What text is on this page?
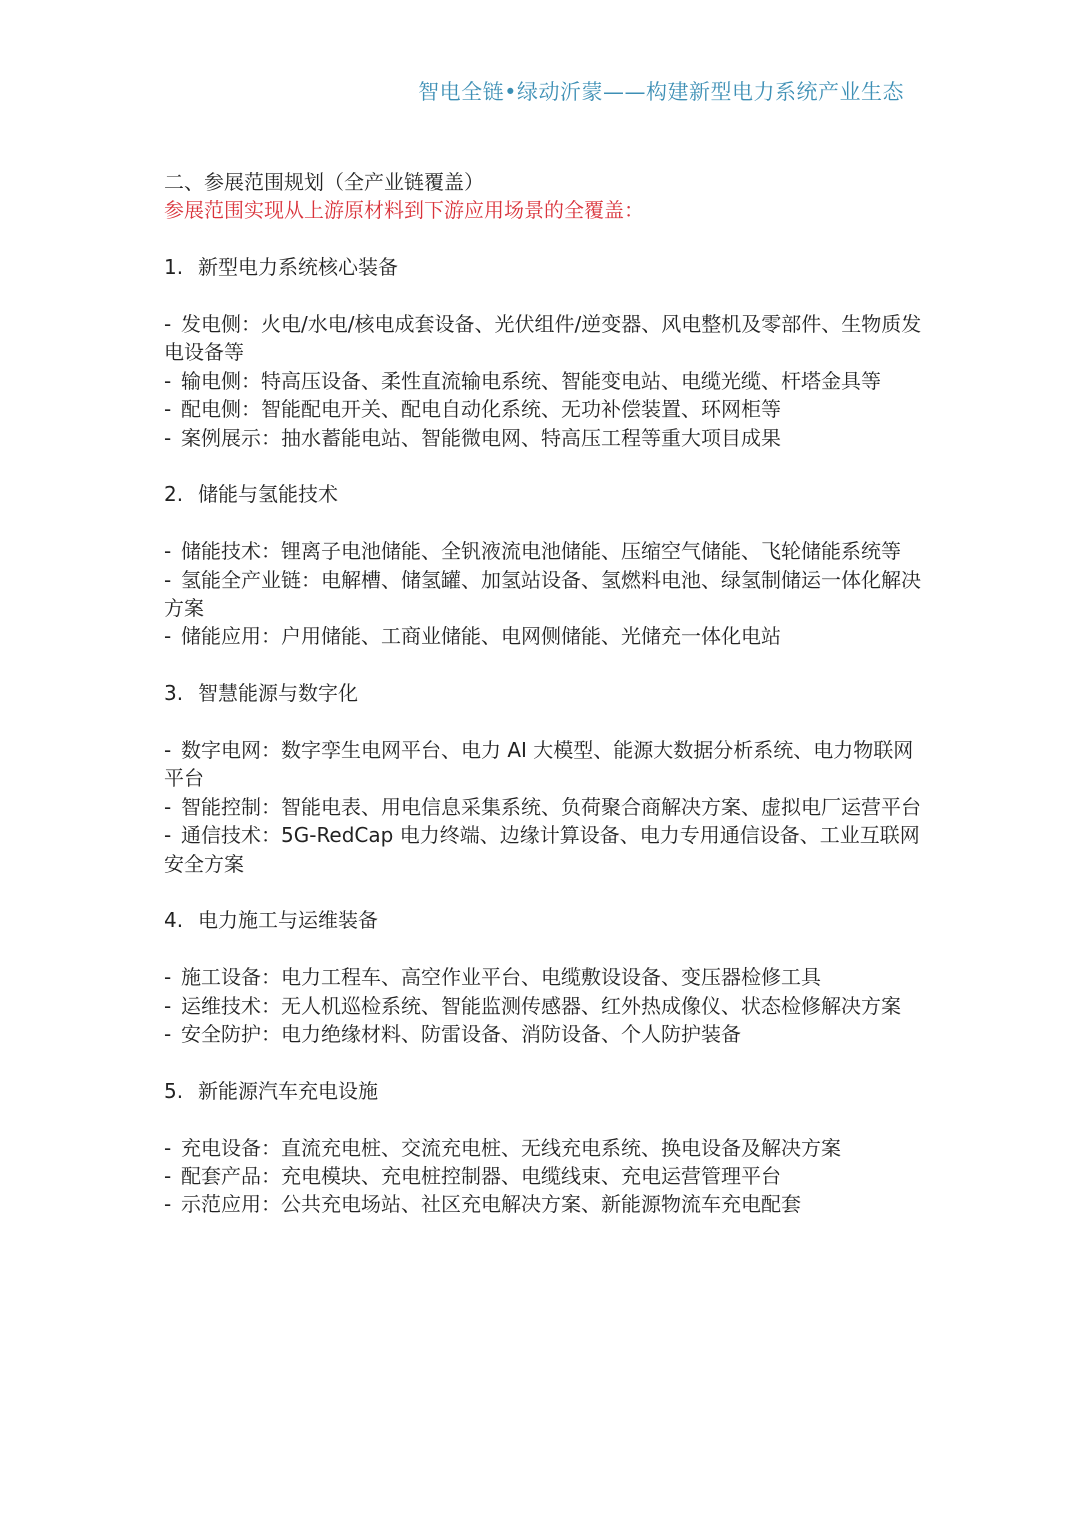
智电全链•绿动沂蒙——构建新型电力系统产业生态

二、参展范围规划（全产业链覆盖）

参展范围实现从上游原材料到下游应用场景的全覆盖：

1. 新型电力系统核心装备

- 发电侧：火电/水电/核电成套设备、光伏组件/逆变器、风电整机及零部件、生物质发电设备等

- 输电侧：特高压设备、柔性直流输电系统、智能变电站、电缆光缆、杆塔金具等

- 配电侧：智能配电开关、配电自动化系统、无功补偿装置、环网柜等

- 案例展示：抽水蓄能电站、智能微电网、特高压工程等重大项目成果

2. 储能与氢能技术

- 储能技术：锂离子电池储能、全钒液流电池储能、压缩空气储能、飞轮储能系统等

- 氢能全产业链：电解槽、储氢罐、加氢站设备、氢燃料电池、绿氢制储运一体化解决方案

- 储能应用：户用储能、工商业储能、电网侧储能、光储充一体化电站

3. 智慧能源与数字化

- 数字电网：数字孪生电网平台、电力 AI 大模型、能源大数据分析系统、电力物联网平台

- 智能控制：智能电表、用电信息采集系统、负荷聚合商解决方案、虚拟电厂运营平台

- 通信技术：5G-RedCap 电力终端、边缘计算设备、电力专用通信设备、工业互联网安全方案

4. 电力施工与运维装备

- 施工设备：电力工程车、高空作业平台、电缆敷设设备、变压器检修工具

- 运维技术：无人机巡检系统、智能监测传感器、红外热成像仪、状态检修解决方案

- 安全防护：电力绝缘材料、防雷设备、消防设备、个人防护装备

5. 新能源汽车充电设施

- 充电设备：直流充电桩、交流充电桩、无线充电系统、换电设备及解决方案

- 配套产品：充电模块、充电桩控制器、电缆线束、充电运营管理平台

- 示范应用：公共充电场站、社区充电解决方案、新能源物流车充电配套
